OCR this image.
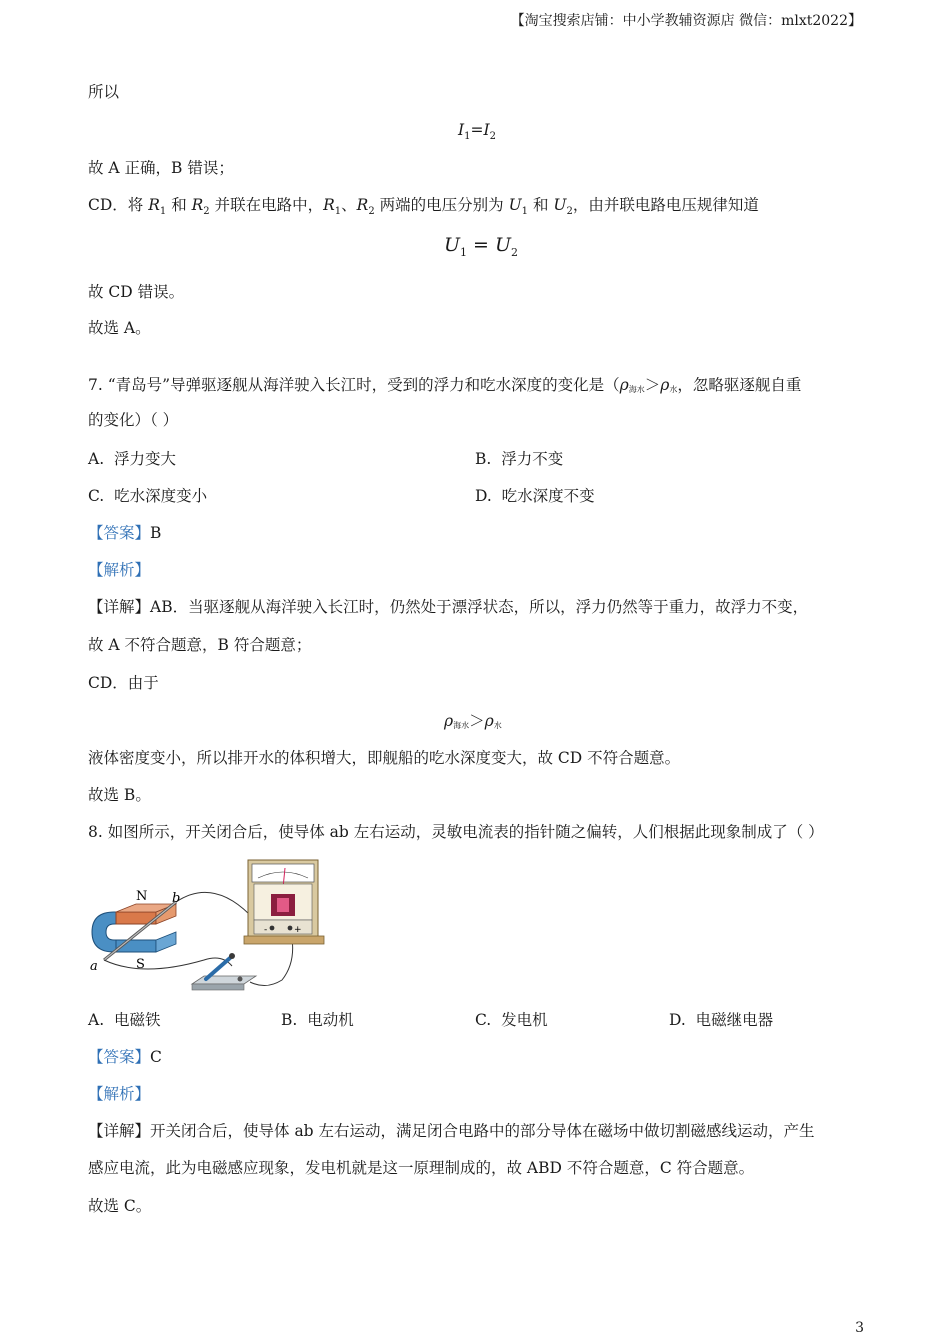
【淘宝搜索店铺：中小学教辅资源店 微信：mlxt2022】
所以
$I_1=I_2$
故 A 正确，B 错误；
CD．将 $R_1$ 和 $R_2$ 并联在电路中，$R_1$、$R_2$ 两端的电压分别为 $U_1$ 和 $U_2$，由并联电路电压规律知道
$U_1 = U_2$
故 CD 错误。
故选 A。
7. “青岛号”导弹驱逐舰从海洋驶入长江时，受到的浮力和吃水深度的变化是（ρ海水＞ρ水，忽略驱逐舰自重
的变化）（ ）
A. 浮力变大	B. 浮力不变
C. 吃水深度变小	D. 吃水深度不变
【答案】B
【解析】
【详解】AB．当驱逐舰从海洋驶入长江时，仍然处于漂浮状态，所以，浮力仍然等于重力，故浮力不变，
故 A 不符合题意，B 符合题意；
CD．由于
ρ海水＞ρ水
液体密度变小，所以排开水的体积增大，即舰船的吃水深度变大，故 CD 不符合题意。
故选 B。
8. 如图所示，开关闭合后，使导体 ab 左右运动，灵敏电流表的指针随之偏转，人们根据此现象制成了（ ）
N b
S
a
-	+
A. 电磁铁	B. 电动机	C. 发电机	D. 电磁继电器
【答案】C
【解析】
【详解】开关闭合后，使导体 ab 左右运动，满足闭合电路中的部分导体在磁场中做切割磁感线运动，产生
感应电流，此为电磁感应现象，发电机就是这一原理制成的，故 ABD 不符合题意，C 符合题意。
故选 C。
3
